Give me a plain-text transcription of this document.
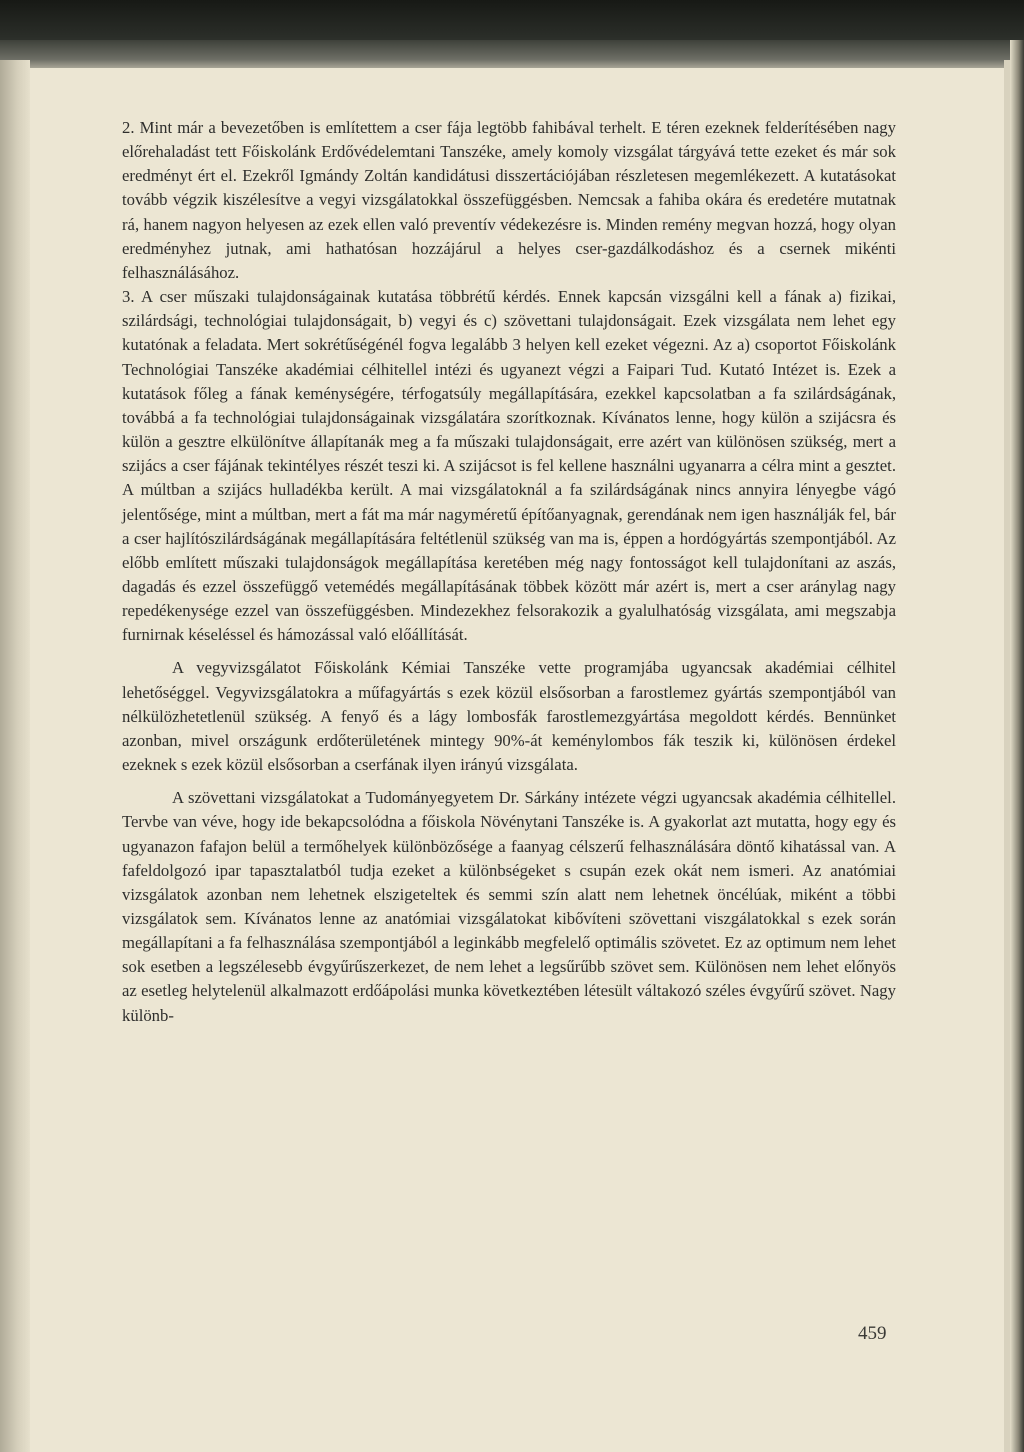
2. Mint már a bevezetőben is említettem a cser fája legtöbb fahibával terhelt. E téren ezeknek felderítésében nagy előrehaladást tett Főiskolánk Erdővédelemtani Tanszéke, amely komoly vizsgálat tárgyává tette ezeket és már sok eredményt ért el. Ezekről Igmándy Zoltán kandidátusi disszertációjában részletesen megemlékezett. A kutatásokat tovább végzik kiszélesítve a vegyi vizsgálatokkal összefüggésben. Nemcsak a fahiba okára és eredetére mutatnak rá, hanem nagyon helyesen az ezek ellen való preventív védekezésre is. Minden remény megvan hozzá, hogy olyan eredményhez jutnak, ami hathatósan hozzájárul a helyes cser-gazdálkodáshoz és a csernek mikénti felhasználásához.

3. A cser műszaki tulajdonságainak kutatása többrétű kérdés. Ennek kapcsán vizsgálni kell a fának a) fizikai, szilárdsági, technológiai tulajdonságait, b) vegyi és c) szövettani tulajdonságait. Ezek vizsgálata nem lehet egy kutatónak a feladata. Mert sokrétűségénél fogva legalább 3 helyen kell ezeket végezni. Az a) csoportot Főiskolánk Technológiai Tanszéke akadémiai célhitellel intézi és ugyanezt végzi a Faipari Tud. Kutató Intézet is. Ezek a kutatások főleg a fának keménységére, térfogatsúly megállapítására, ezekkel kapcsolatban a fa szilárdságának, továbbá a fa technológiai tulajdonságainak vizsgálatára szorítkoznak. Kívánatos lenne, hogy külön a szijácsra és külön a gesztre elkülönítve állapítanák meg a fa műszaki tulajdonságait, erre azért van különösen szükség, mert a szijács a cser fájának tekintélyes részét teszi ki. A szijácsot is fel kellene használni ugyanarra a célra mint a gesztet. A múltban a szijács hulladékba került. A mai vizsgálatoknál a fa szilárdságának nincs annyira lényegbe vágó jelentősége, mint a múltban, mert a fát ma már nagyméretű építőanyagnak, gerendának nem igen használják fel, bár a cser hajlítószilárdságának megállapítására feltétlenül szükség van ma is, éppen a hordógyártás szempontjából. Az előbb említett műszaki tulajdonságok megállapítása keretében még nagy fontosságot kell tulajdonítani az aszás, dagadás és ezzel összefüggő vetemédés megállapításának többek között már azért is, mert a cser aránylag nagy repedékenysége ezzel van összefüggésben. Mindezekhez felsorakozik a gyalulhatóság vizsgálata, ami megszabja furnirnak késeléssel és hámozással való előállítását.

A vegyvizsgálatot Főiskolánk Kémiai Tanszéke vette programjába ugyancsak akadémiai célhitel lehetőséggel. Vegyvizsgálatokra a műfagyártás s ezek közül elsősorban a farostlemez gyártás szempontjából van nélkülözhetetlenül szükség. A fenyő és a lágy lombosfák farostlemezgyártása megoldott kérdés. Bennünket azonban, mivel országunk erdőterületének mintegy 90%-át keménylombos fák teszik ki, különösen érdekel ezeknek s ezek közül elsősorban a cserfának ilyen irányú vizsgálata.

A szövettani vizsgálatokat a Tudományegyetem Dr. Sárkány intézete végzi ugyancsak akadémia célhitellel. Tervbe van véve, hogy ide bekapcsolódna a főiskola Növénytani Tanszéke is. A gyakorlat azt mutatta, hogy egy és ugyanazon fafajon belül a termőhelyek különbözősége a faanyag célszerű felhasználására döntő kihatással van. A fafeldolgozó ipar tapasztalatból tudja ezeket a különbségeket s csupán ezek okát nem ismeri. Az anatómiai vizsgálatok azonban nem lehetnek elszigeteltek és semmi szín alatt nem lehetnek öncélúak, miként a többi vizsgálatok sem. Kívánatos lenne az anatómiai vizsgálatokat kibővíteni szövettani viszgálatokkal s ezek során megállapítani a fa felhasználása szempontjából a leginkább megfelelő optimális szövetet. Ez az optimum nem lehet sok esetben a legszélesebb évgyűrűszerkezet, de nem lehet a legsűrűbb szövet sem. Különösen nem lehet előnyös az esetleg helytelenül alkalmazott erdőápolási munka következtében létesült váltakozó széles évgyűrű szövet. Nagy különb-

459
